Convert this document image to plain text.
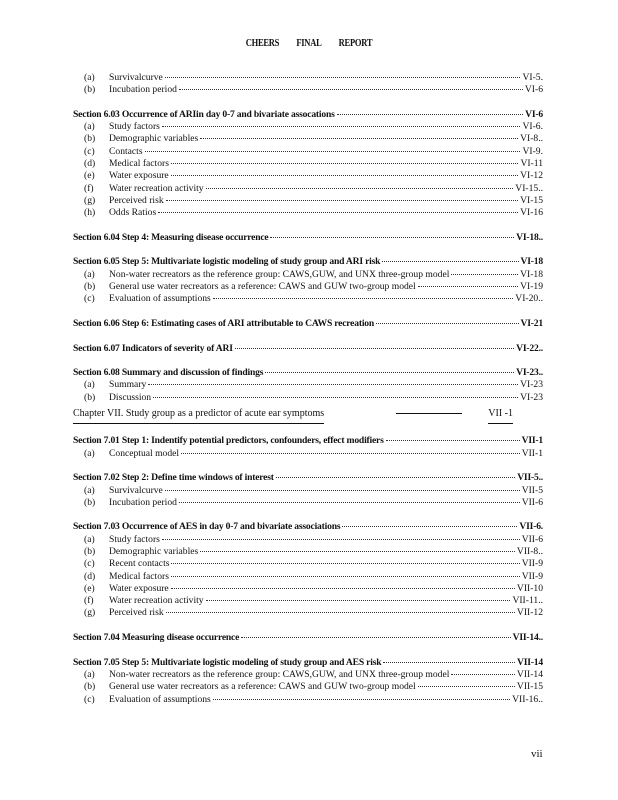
CHEERS FINAL REPORT
(a)	Survivalcurve	VI-5.
(b)	Incubation period	VI-6
Section 6.03 Occurrence of ARIin day 0-7 and bivariate assocations	VI-6
(a)	Study factors	VI-6.
(b)	Demographic variables	VI-8..
(c)	Contacts	VI-9.
(d)	Medical factors	VI-11
(e)	Water exposure	VI-12
(f)	Water recreation activity	VI-15..
(g)	Perceived risk	VI-15
(h)	Odds Ratios	VI-16
Section 6.04 Step 4: Measuring disease occurrence	VI-18..
Section 6.05 Step 5: Multivariate logistic modeling of study group and ARI risk	VI-18
(a)	Non-water recreators as the reference group: CAWS,GUW, and UNX three-group model	VI-18
(b)	General use water recreators as a reference: CAWS and GUW two-group model	VI-19
(c)	Evaluation of assumptions	VI-20..
Section 6.06 Step 6: Estimating cases of ARI attributable to CAWS recreation	VI-21
Section 6.07 Indicators of severity of ARI	VI-22..
Section 6.08 Summary and discussion of findings	VI-23..
(a)	Summary	VI-23
(b)	Discussion	VI-23
Chapter VII. Study group as a predictor of acute ear symptoms	VII -1
Section 7.01 Step 1: Indentify potential predictors, confounders, effect modifiers	VII-1
(a)	Conceptual model	VII-1
Section 7.02 Step 2: Define time windows of interest	VII-5..
(a)	Survivalcurve	VII-5
(b)	Incubation period	VII-6
Section 7.03 Occurrence of AES in day 0-7 and bivariate associations	VII-6.
(a)	Study factors	VII-6
(b)	Demographic variables	VII-8..
(c)	Recent contacts	VII-9
(d)	Medical factors	VII-9
(e)	Water exposure	VII-10
(f)	Water recreation activity	VII-11..
(g)	Perceived risk	VII-12
Section 7.04 Measuring disease occurrence	VII-14..
Section 7.05 Step 5: Multivariate logistic modeling of study group and AES risk	VII-14
(a)	Non-water recreators as the reference group: CAWS,GUW, and UNX three-group model	VII-14
(b)	General use water recreators as a reference: CAWS and GUW two-group model	VII-15
(c)	Evaluation of assumptions	VII-16..
vii
